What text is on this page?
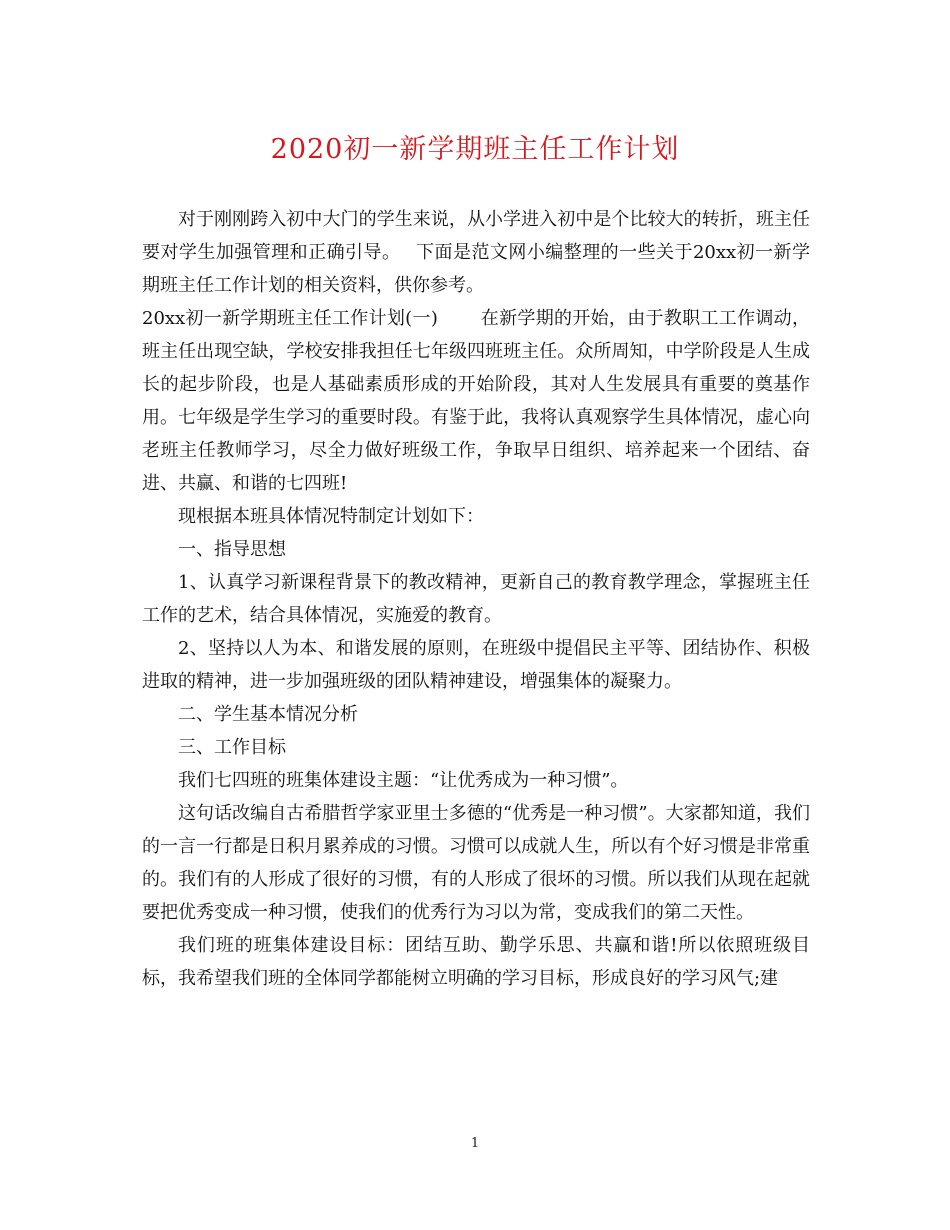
2020初一新学期班主任工作计划

对于刚刚跨入初中大门的学生来说，从小学进入初中是个比较大的转折，班主任要对学生加强管理和正确引导。　 下面是范文网小编整理的一些关于20xx初一新学期班主任工作计划的相关资料，供你参考。

20xx初一新学期班主任工作计划(一)　　 在新学期的开始，由于教职工工作调动，班主任出现空缺，学校安排我担任七年级四班班主任。众所周知，中学阶段是人生成长的起步阶段，也是人基础素质形成的开始阶段，其对人生发展具有重要的奠基作用。七年级是学生学习的重要时段。有鉴于此，我将认真观察学生具体情况，虚心向老班主任教师学习，尽全力做好班级工作，争取早日组织、培养起来一个团结、奋进、共赢、和谐的七四班!

现根据本班具体情况特制定计划如下：

一、指导思想

1、认真学习新课程背景下的教改精神，更新自己的教育教学理念，掌握班主任工作的艺术，结合具体情况，实施爱的教育。

2、坚持以人为本、和谐发展的原则，在班级中提倡民主平等、团结协作、积极进取的精神，进一步加强班级的团队精神建设，增强集体的凝聚力。

二、学生基本情况分析

三、工作目标

我们七四班的班集体建设主题：“让优秀成为一种习惯”。

这句话改编自古希腊哲学家亚里士多德的“优秀是一种习惯”。大家都知道，我们的一言一行都是日积月累养成的习惯。习惯可以成就人生，所以有个好习惯是非常重的。我们有的人形成了很好的习惯，有的人形成了很坏的习惯。所以我们从现在起就要把优秀变成一种习惯，使我们的优秀行为习以为常，变成我们的第二天性。

我们班的班集体建设目标：团结互助、勤学乐思、共赢和谐!所以依照班级目标，我希望我们班的全体同学都能树立明确的学习目标，形成良好的学习风气;建

1
